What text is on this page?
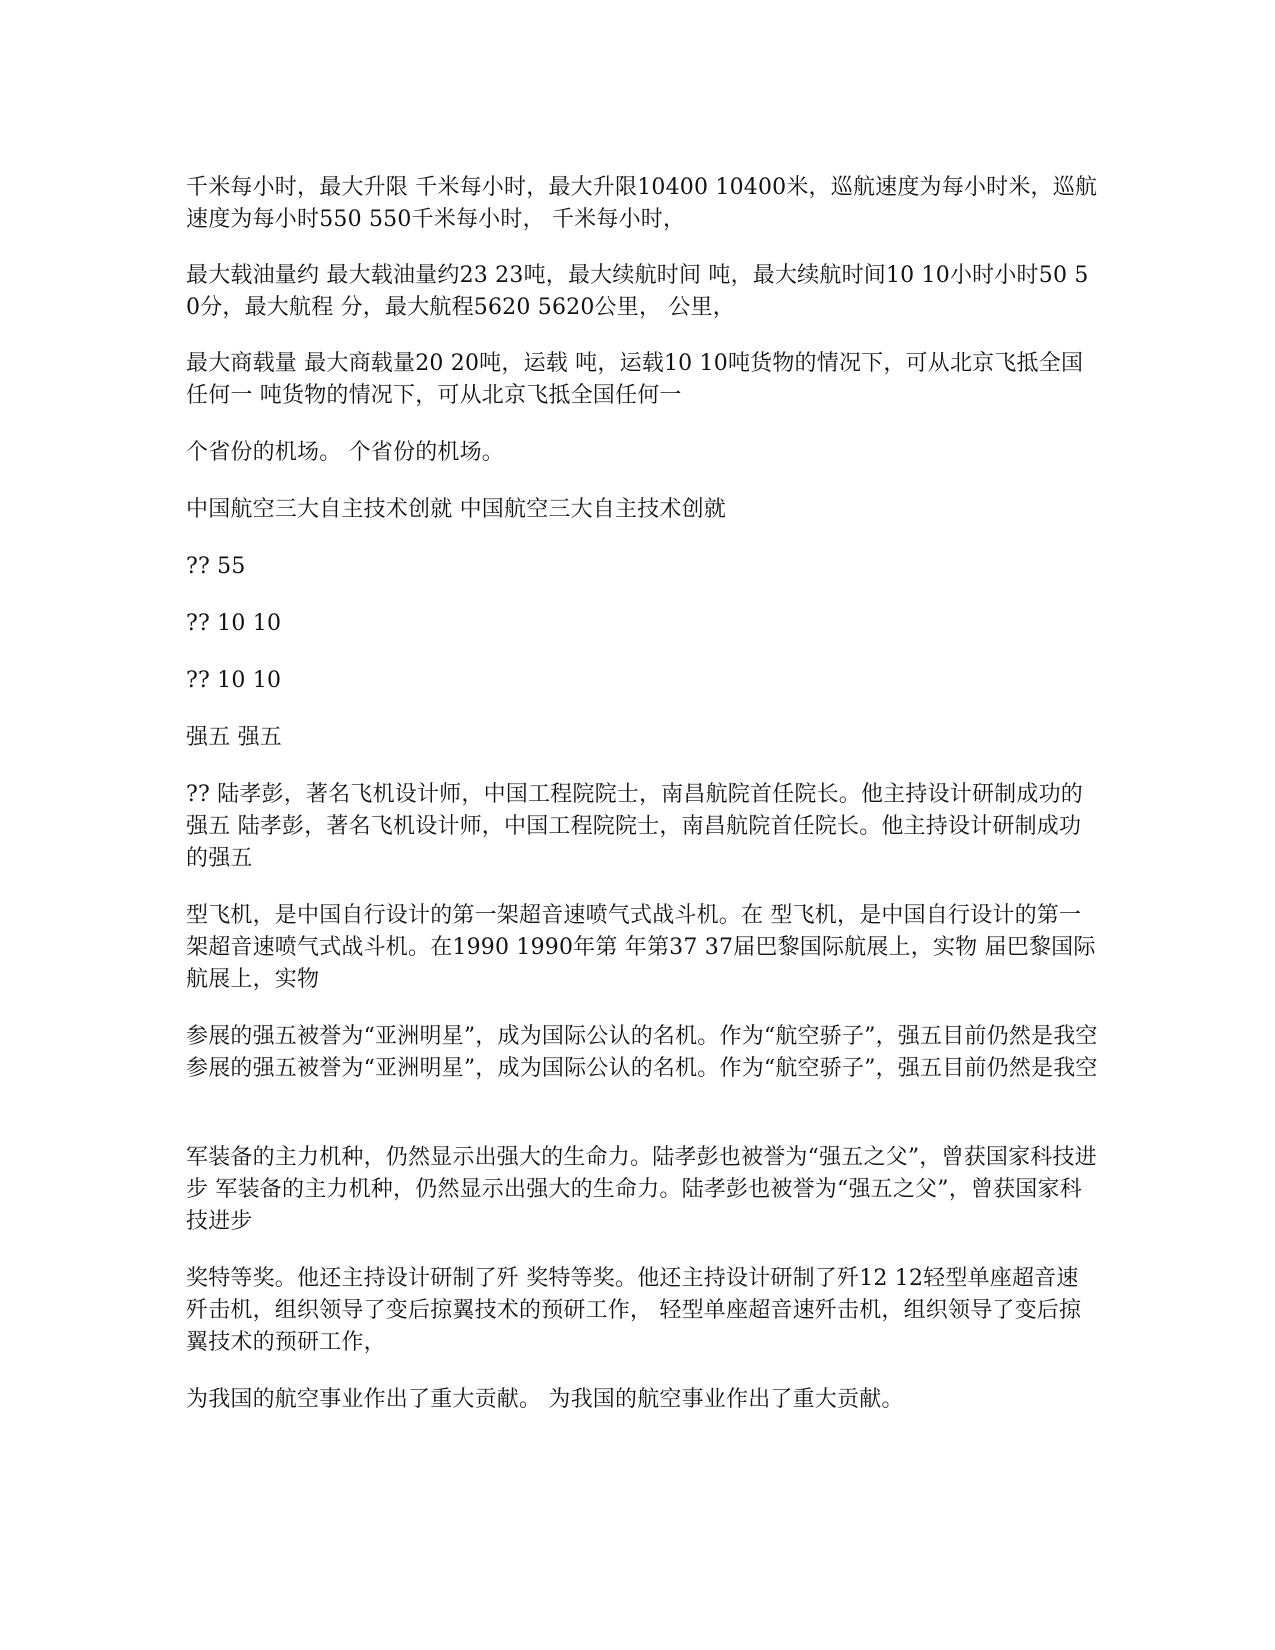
千米每小时，最大升限 千米每小时，最大升限10400 10400米，巡航速度为每小时米，巡航速度为每小时550 550千米每小时， 千米每小时，

最大载油量约 最大载油量约23 23吨，最大续航时间 吨，最大续航时间10 10小时小时50 50分，最大航程 分，最大航程5620 5620公里， 公里，

最大商载量 最大商载量20 20吨，运载 吨，运载10 10吨货物的情况下，可从北京飞抵全国任何一 吨货物的情况下，可从北京飞抵全国任何一

个省份的机场。 个省份的机场。

中国航空三大自主技术创就 中国航空三大自主技术创就

?? 55

?? 10 10

?? 10 10

强五 强五

?? 陆孝彭，著名飞机设计师，中国工程院院士，南昌航院首任院长。他主持设计研制成功的强五 陆孝彭，著名飞机设计师，中国工程院院士，南昌航院首任院长。他主持设计研制成功的强五

型飞机，是中国自行设计的第一架超音速喷气式战斗机。在 型飞机，是中国自行设计的第一架超音速喷气式战斗机。在1990 1990年第 年第37 37届巴黎国际航展上，实物 届巴黎国际航展上，实物

参展的强五被誉为“亚洲明星”，成为国际公认的名机。作为“航空骄子”，强五目前仍然是我空 参展的强五被誉为“亚洲明星”，成为国际公认的名机。作为“航空骄子”，强五目前仍然是我空

军装备的主力机种，仍然显示出强大的生命力。陆孝彭也被誉为“强五之父”，曾获国家科技进步 军装备的主力机种，仍然显示出强大的生命力。陆孝彭也被誉为“强五之父”，曾获国家科技进步

奖特等奖。他还主持设计研制了歼 奖特等奖。他还主持设计研制了歼12 12轻型单座超音速歼击机，组织领导了变后掠翼技术的预研工作， 轻型单座超音速歼击机，组织领导了变后掠翼技术的预研工作，

为我国的航空事业作出了重大贡献。 为我国的航空事业作出了重大贡献。
